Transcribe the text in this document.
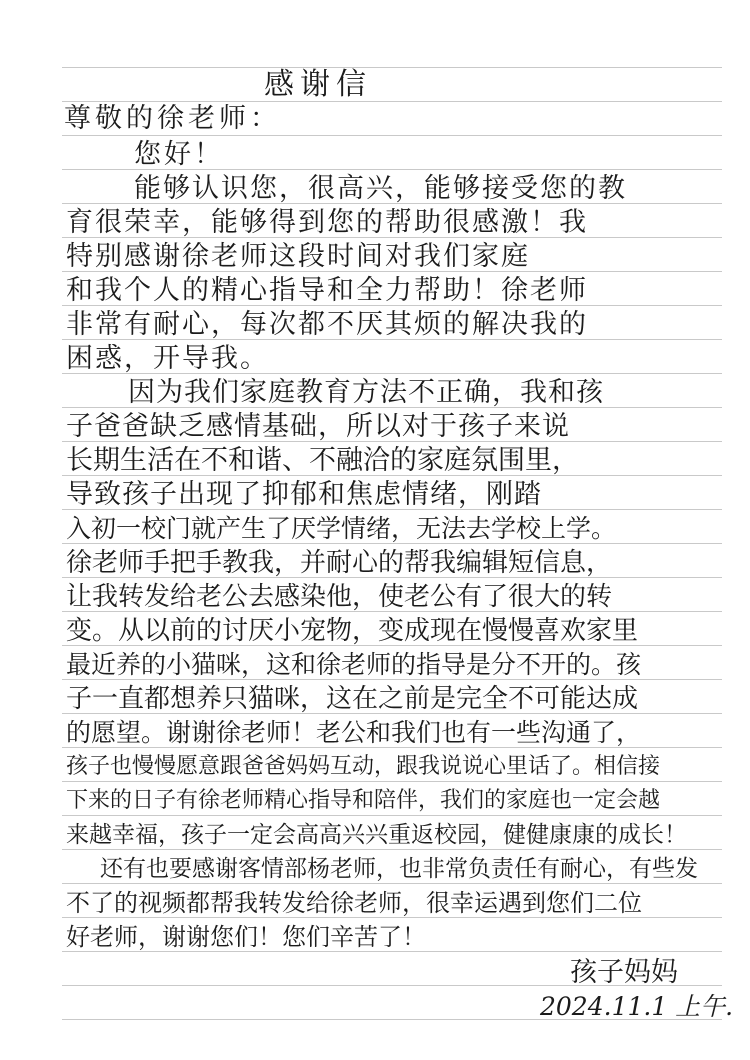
感谢信
尊敬的徐老师：
您好！
能够认识您，很高兴，能够接受您的教
育很荣幸，能够得到您的帮助很感激！我
特别感谢徐老师这段时间对我们家庭
和我个人的精心指导和全力帮助！徐老师
非常有耐心，每次都不厌其烦的解决我的
困惑，开导我。
因为我们家庭教育方法不正确，我和孩
子爸爸缺乏感情基础，所以对于孩子来说
长期生活在不和谐、不融洽的家庭氛围里，
导致孩子出现了抑郁和焦虑情绪，刚踏
入初一校门就产生了厌学情绪，无法去学校上学。
徐老师手把手教我，并耐心的帮我编辑短信息，
让我转发给老公去感染他，使老公有了很大的转
变。从以前的讨厌小宠物，变成现在慢慢喜欢家里
最近养的小猫咪，这和徐老师的指导是分不开的。孩
子一直都想养只猫咪，这在之前是完全不可能达成
的愿望。谢谢徐老师！老公和我们也有一些沟通了，
孩子也慢慢愿意跟爸爸妈妈互动，跟我说说心里话了。相信接
下来的日子有徐老师精心指导和陪伴，我们的家庭也一定会越
来越幸福，孩子一定会高高兴兴重返校园，健健康康的成长！
还有也要感谢客情部杨老师，也非常负责任有耐心，有些发
不了的视频都帮我转发给徐老师，很幸运遇到您们二位
好老师，谢谢您们！您们辛苦了！
孩子妈妈
2024.11.1 上午.
